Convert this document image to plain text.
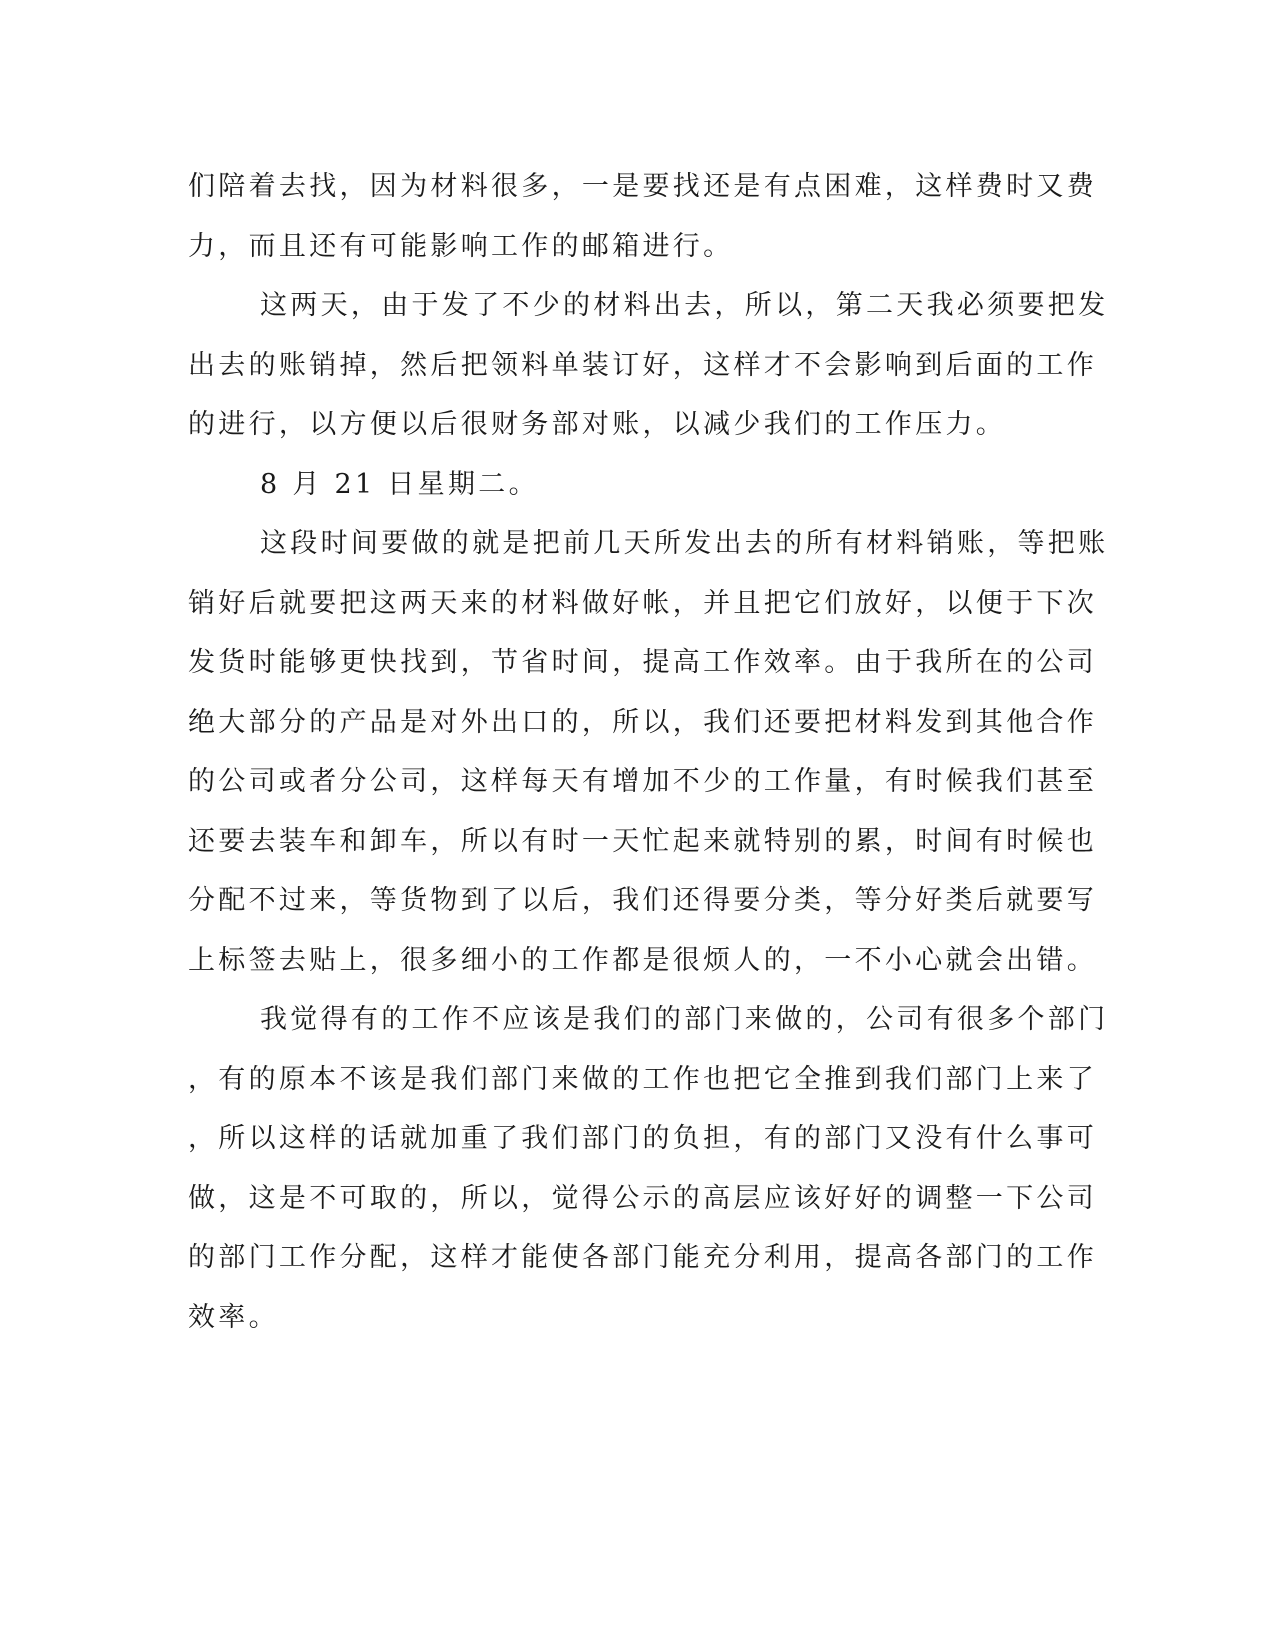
们陪着去找，因为材料很多，一是要找还是有点困难，这样费时又费
力，而且还有可能影响工作的邮箱进行。
这两天，由于发了不少的材料出去，所以，第二天我必须要把发
出去的账销掉，然后把领料单装订好，这样才不会影响到后面的工作
的进行，以方便以后很财务部对账，以减少我们的工作压力。
8 月 21 日星期二。
这段时间要做的就是把前几天所发出去的所有材料销账，等把账
销好后就要把这两天来的材料做好帐，并且把它们放好，以便于下次
发货时能够更快找到，节省时间，提高工作效率。由于我所在的公司
绝大部分的产品是对外出口的，所以，我们还要把材料发到其他合作
的公司或者分公司，这样每天有增加不少的工作量，有时候我们甚至
还要去装车和卸车，所以有时一天忙起来就特别的累，时间有时候也
分配不过来，等货物到了以后，我们还得要分类，等分好类后就要写
上标签去贴上，很多细小的工作都是很烦人的，一不小心就会出错。
我觉得有的工作不应该是我们的部门来做的，公司有很多个部门
，有的原本不该是我们部门来做的工作也把它全推到我们部门上来了
，所以这样的话就加重了我们部门的负担，有的部门又没有什么事可
做，这是不可取的，所以，觉得公示的高层应该好好的调整一下公司
的部门工作分配，这样才能使各部门能充分利用，提高各部门的工作
效率。
